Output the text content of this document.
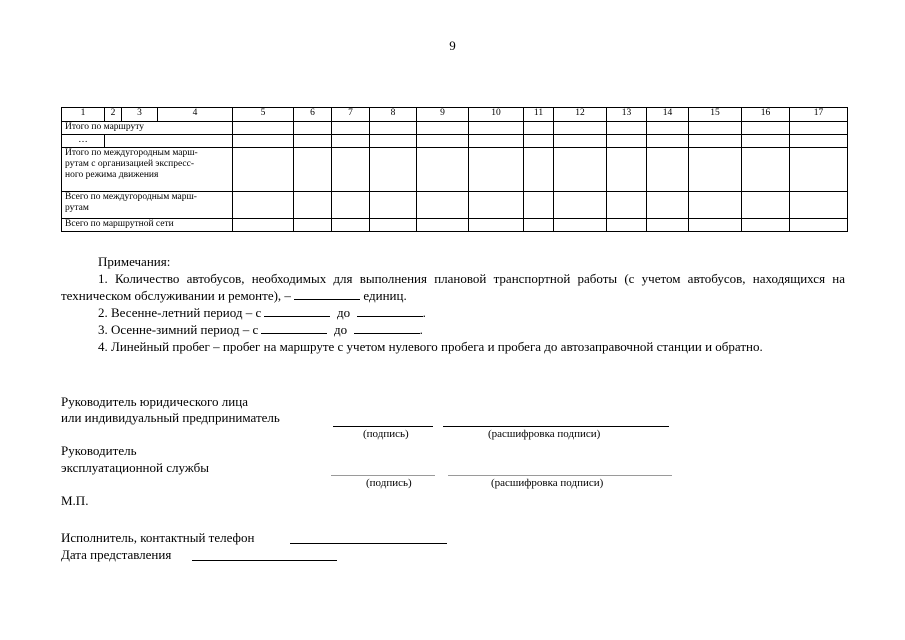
9
1	2	3	4	5	6	7	8	9	10	11	12	13	14	15	16	17
Итого по маршруту																
…																

Итого по междугородным марш-
рутам с организацией экспресс-
ного режима движения																

Всего по междугородным марш-
рутам																

Всего по маршрутной сети																

Примечания:

1. Количество автобусов, необходимых для выполнения плановой транспортной работы (с учетом автобусов, находящихся на техническом обслуживании и ремонте), –	единиц.

2. Весенне-летний период – с	до	.

3. Осенне-зимний период – с	до	.

4. Линейный пробег – пробег на маршруте с учетом нулевого пробега и пробега до автозаправочной станции и обратно.

Руководитель юридического лица
или индивидуальный предприниматель
(подпись)	(расшифровка подписи)
Руководитель
эксплуатационной службы
(подпись)	(расшифровка подписи)
М.П.
Исполнитель, контактный телефон
Дата представления
